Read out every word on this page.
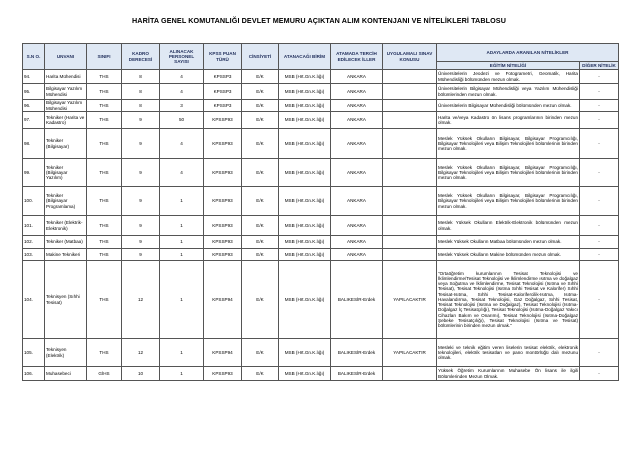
HARİTA GENEL KOMUTANLIĞI DEVLET MEMURU AÇIKTAN ALIM KONTENJANI VE NİTELİKLERİ TABLOSU
S.N O.	UNVANI	SINIFI	KADRO DERECESİ	ALINACAK PERSONEL SAYISI	KPSS PUAN TÜRÜ	CİNSİYETİ	ATANACAĞI BİRİM	ATAMADA TERCİH EDİLECEK İLLER	UYGULAMALI SINAV KONUSU	ADAYLARDA ARANILAN NİTELİKLER	
										EĞİTİM NİTELİĞİ	DİĞER NİTELİK
94.	Harita Mühendisi	THS	8	4	KPSSP3	E/K	MSB (Hrt.Gn.K.lığı)	ANKARA		Üniversitelerin Jeodezi ve Fotogrametri, Geomatik, Harita Mühendisliği bölümünden mezun olmak.	-
95.	Bilgisayar Yazılım Mühendisi	THS	8	4	KPSSP3	E/K	MSB (Hrt.Gn.K.lığı)	ANKARA		Üniversitelerin Bilgisayar Mühendisliği veya Yazılım Mühendisliği bölümlerinden mezun olmak.	-
96.	Bilgisayar Yazılım Mühendisi	THS	8	3	KPSSP3	E/K	MSB (Hrt.Gn.K.lığı)	ANKARA		Üniversitelerin Bilgisayar Mühendisliği bölümünden mezun olmak.	-
97.	Tekniker (Harita ve Kadastro)	THS	9	50	KPSSP93	E/K	MSB (Hrt.Gn.K.lığı)	ANKARA		Harita ve/veya Kadastro ön lisans programlarının birinden mezun olmak.	-
98.	Tekniker (Bilgisayar)	THS	9	4	KPSSP93	E/K	MSB (Hrt.Gn.K.lığı)	ANKARA		Meslek Yüksek Okulların Bilgisayar, Bilgisayar Programcılığı, Bilgisayar Teknolojileri veya Bilişim Teknolojileri bölümlerinin birinden mezun olmak.	-
99.	Tekniker (Bilgisayar Yazılım)	THS	9	4	KPSSP93	E/K	MSB (Hrt.Gn.K.lığı)	ANKARA		Meslek Yüksek Okulların Bilgisayar, Bilgisayar Programcılığı, Bilgisayar Teknolojileri veya Bilişim Teknolojileri bölümlerinin birinden mezun olmak.	-
100.	Tekniker (Bilgisayar Programlama)	THS	9	1	KPSSP93	E/K	MSB (Hrt.Gn.K.lığı)	ANKARA		Meslek Yüksek Okulların Bilgisayar, Bilgisayar Programcılığı, Bilgisayar Teknolojileri veya Bilişim Teknolojileri bölümlerinin birinden mezun olmak.	-
101.	Tekniker (Elektrik-Elektronik)	THS	9	1	KPSSP93	E/K	MSB (Hrt.Gn.K.lığı)	ANKARA		Meslek Yüksek Okulların Elektrik-Elektronik bölümünden mezun olmak.	-
102.	Tekniker (Matbaa)	THS	9	1	KPSSP93	E/K	MSB (Hrt.Gn.K.lığı)	ANKARA		Meslek Yüksek Okulların Matbaa bölümünden mezun olmak.	-
103.	Makine Teknikeri	THS	9	1	KPSSP93	E/K	MSB (Hrt.Gn.K.lığı)	ANKARA		Meslek Yüksek Okulların Makine bölümünden mezun olmak.	-
104.	Teknisyen (Sıhhi Tesisat)	THS	12	1	KPSSP94	E/K	MSB (Hrt.Gn.K.lığı)	BALIKESİR-Erdek	YAPILACAKTIR	"Ortaöğretim kurumlarının Tesisat Teknolojisi ve İklimlendirme/Tesisat Teknolojisi ve İklimlendirme ısıtma ve doğalgaz veya Soğutma ve İklimlendirme, Tesisat Teknolojisi (Isıtma ve Sıhhi Tesisat), Tesisat Teknolojisi (Isıtma Sıhhi Tesisat ve Kalorifer) Sıhhi Tesisat-Isıtma, Sıhhi Tesisat-Kalorifercilik-Isıtma, Isıtma-Havalandırma, Tesisat Teknolojisi, Gaz Doğalgaz, Sıhhi Tesisat, Tesisat Teknolojisi (Isıtma ve Doğalgaz), Tesisat Teknolojisi (Isıtma-Doğalgaz İç Tesisatçılığı), Tesisat Teknolojisi (Isıtma-Doğalgaz Yakıcı Cihazları Bakım ve Onarımı), Tesisat Teknolojisi (Isıtma-Doğalgaz Şebeke Tesisatçılığı), Tesisat Teknolojisi (Isıtma ve Tesisat) bölümlerinin birinden mezun olmak."	-
105.	Teknisyen (Elektrik)	THS	12	1	KPSSP94	E/K	MSB (Hrt.Gn.K.lığı)	BALIKESİR-Erdek	YAPILACAKTIR	Mesleki ve teknik eğitim veren liselerin tesisat elektrik, elektronik teknolojileri, elektrik tesisatları ve pano montörlüğü dalı mezunu olmak.	-
106.	Muhasebeci	GİHS	10	1	KPSSP93	E/K	MSB (Hrt.Gn.K.lığı)	BALIKESİR-Erdek		Yüksek Öğretim Kurumlarının Muhasebe Ön lisans ile ilgili Bölümlerinden Mezun Olmak.	-
